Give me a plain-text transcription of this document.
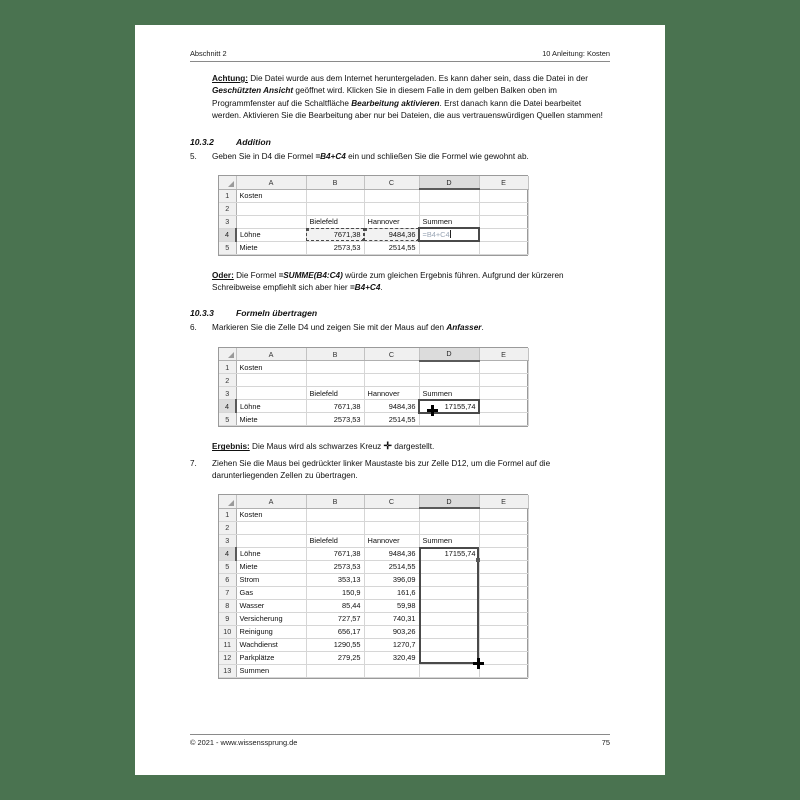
Abschnitt 2	10 Anleitung: Kosten

Achtung: Die Datei wurde aus dem Internet heruntergeladen. Es kann daher sein, dass die Datei in der Geschützten Ansicht geöffnet wird. Klicken Sie in diesem Falle in dem gelben Balken oben im Programmfenster auf die Schaltfläche Bearbeitung aktivieren. Erst danach kann die Datei bearbeitet werden. Aktivieren Sie die Bearbeitung aber nur bei Dateien, die aus vertrauenswürdigen Quellen stammen!

10.3.2	Addition
5.	Geben Sie in D4 die Formel =B4+C4 ein und schließen Sie die Formel wie gewohnt ab.
	A	B	C	D	E
1	Kosten				
2					
3		Bielefeld	Hannover	Summen	
4	Löhne	7671,38	9484,36	=B4+C4	
5	Miete	2573,53	2514,55		

Oder: Die Formel =SUMME(B4:C4) würde zum gleichen Ergebnis führen. Aufgrund der kürzeren Schreibweise empfiehlt sich aber hier =B4+C4.

10.3.3	Formeln übertragen
6.	Markieren Sie die Zelle D4 und zeigen Sie mit der Maus auf den Anfasser.
	A	B	C	D	E
1	Kosten				
2					
3		Bielefeld	Hannover	Summen	
4	Löhne	7671,38	9484,36	17155,74	
5	Miete	2573,53	2514,55		

Ergebnis: Die Maus wird als schwarzes Kreuz ✛ dargestellt.

7.	Ziehen Sie die Maus bei gedrückter linker Maustaste bis zur Zelle D12, um die Formel auf die darunterliegenden Zellen zu übertragen.
	A	B	C	D	E
1	Kosten				
2					
3		Bielefeld	Hannover	Summen	
4	Löhne	7671,38	9484,36	17155,74	
5	Miete	2573,53	2514,55		
6	Strom	353,13	396,09		
7	Gas	150,9	161,6		
8	Wasser	85,44	59,98		
9	Versicherung	727,57	740,31		
10	Reinigung	656,17	903,26		
11	Wachdienst	1290,55	1270,7		
12	Parkplätze	279,25	320,49		
13	Summen				
© 2021 - www.wissenssprung.de	75
